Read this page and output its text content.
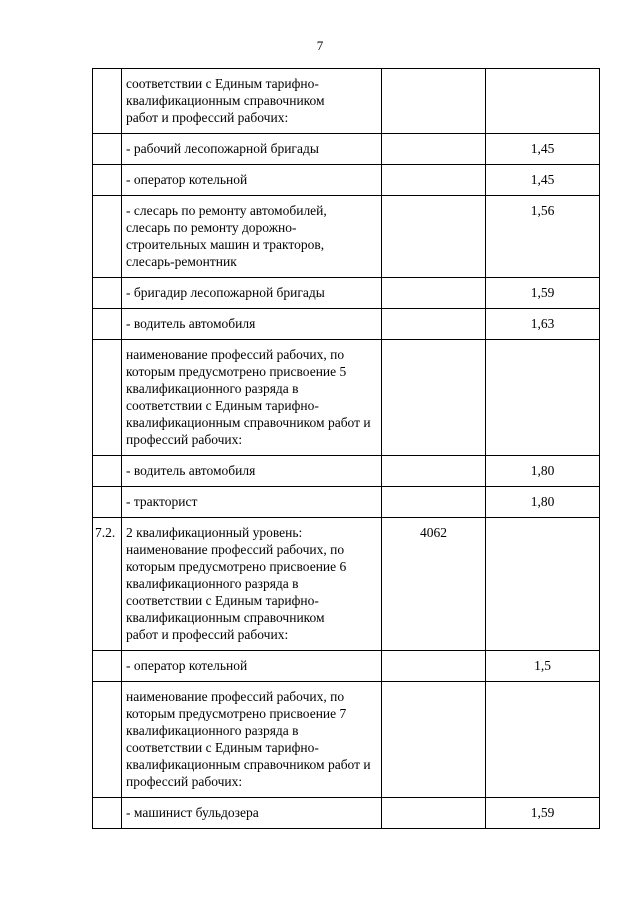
7

	соответствии с Единым тарифно-квалификационным справочником работ и профессий рабочих:		

	- рабочий лесопожарной бригады		1,45

	- оператор котельной		1,45

	- слесарь по ремонту автомобилей, слесарь по ремонту дорожно-строительных машин и тракторов, слесарь-ремонтник		1,56

	- бригадир лесопожарной бригады		1,59

	- водитель автомобиля		1,63

	наименование профессий рабочих, по которым предусмотрено присвоение 5 квалификационного разряда в соответствии с Единым тарифно-квалификационным справочником работ и профессий рабочих:		

	- водитель автомобиля		1,80

	- тракторист		1,80
7.2.	2 квалификационный уровень: наименование профессий рабочих, по которым предусмотрено присвоение 6 квалификационного разряда в соответствии с Единым тарифно-квалификационным справочником работ и профессий рабочих:	4062	

	- оператор котельной		1,5

	наименование профессий рабочих, по которым предусмотрено присвоение 7 квалификационного разряда в соответствии с Единым тарифно-квалификационным справочником работ и профессий рабочих:		

	- машинист бульдозера		1,59
